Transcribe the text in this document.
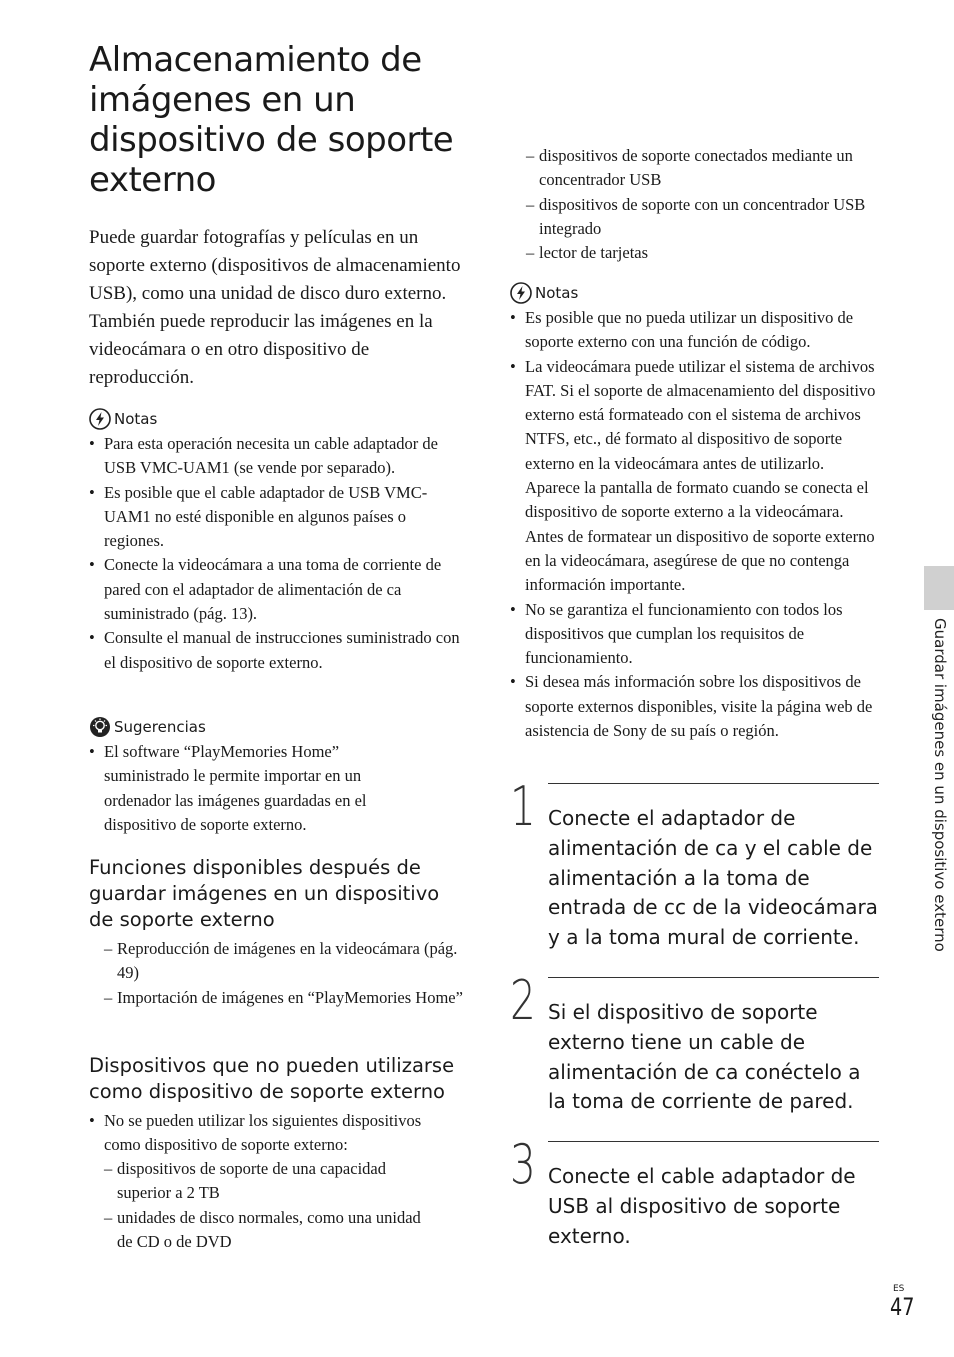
Almacenamiento de imágenes en un dispositivo de soporte externo

Puede guardar fotografías y películas en un soporte externo (dispositivos de almacenamiento USB), como una unidad de disco duro externo. También puede reproducir las imágenes en la videocámara o en otro dispositivo de reproducción.

Notas
• Para esta operación necesita un cable adaptador de USB VMC-UAM1 (se vende por separado).
• Es posible que el cable adaptador de USB VMC-UAM1 no esté disponible en algunos países o regiones.
• Conecte la videocámara a una toma de corriente de pared con el adaptador de alimentación de ca suministrado (pág. 13).
• Consulte el manual de instrucciones suministrado con el dispositivo de soporte externo.
Sugerencias
• El software “PlayMemories Home” suministrado le permite importar en un ordenador las imágenes guardadas en el dispositivo de soporte externo.
Funciones disponibles después de guardar imágenes en un dispositivo de soporte externo
– Reproducción de imágenes en la videocámara (pág. 49)
– Importación de imágenes en “PlayMemories Home”
Dispositivos que no pueden utilizarse como dispositivo de soporte externo
• No se pueden utilizar los siguientes dispositivos como dispositivo de soporte externo:
– dispositivos de soporte de una capacidad superior a 2 TB
– unidades de disco normales, como una unidad de CD o de DVD
– dispositivos de soporte conectados mediante un concentrador USB
– dispositivos de soporte con un concentrador USB integrado
– lector de tarjetas
Notas
• Es posible que no pueda utilizar un dispositivo de soporte externo con una función de código.
• La videocámara puede utilizar el sistema de archivos FAT. Si el soporte de almacenamiento del dispositivo externo está formateado con el sistema de archivos NTFS, etc., dé formato al dispositivo de soporte externo en la videocámara antes de utilizarlo. Aparece la pantalla de formato cuando se conecta el dispositivo de soporte externo a la videocámara. Antes de formatear un dispositivo de soporte externo en la videocámara, asegúrese de que no contenga información importante.
• No se garantiza el funcionamiento con todos los dispositivos que cumplan los requisitos de funcionamiento.
• Si desea más información sobre los dispositivos de soporte externos disponibles, visite la página web de asistencia de Sony de su país o región.
1 Conecte el adaptador de alimentación de ca y el cable de alimentación a la toma de entrada de cc de la videocámara y a la toma mural de corriente.

2 Si el dispositivo de soporte externo tiene un cable de alimentación de ca conéctelo a la toma de corriente de pared.

3 Conecte el cable adaptador de USB al dispositivo de soporte externo.

Guardar imágenes en un dispositivo externo
ES
47
